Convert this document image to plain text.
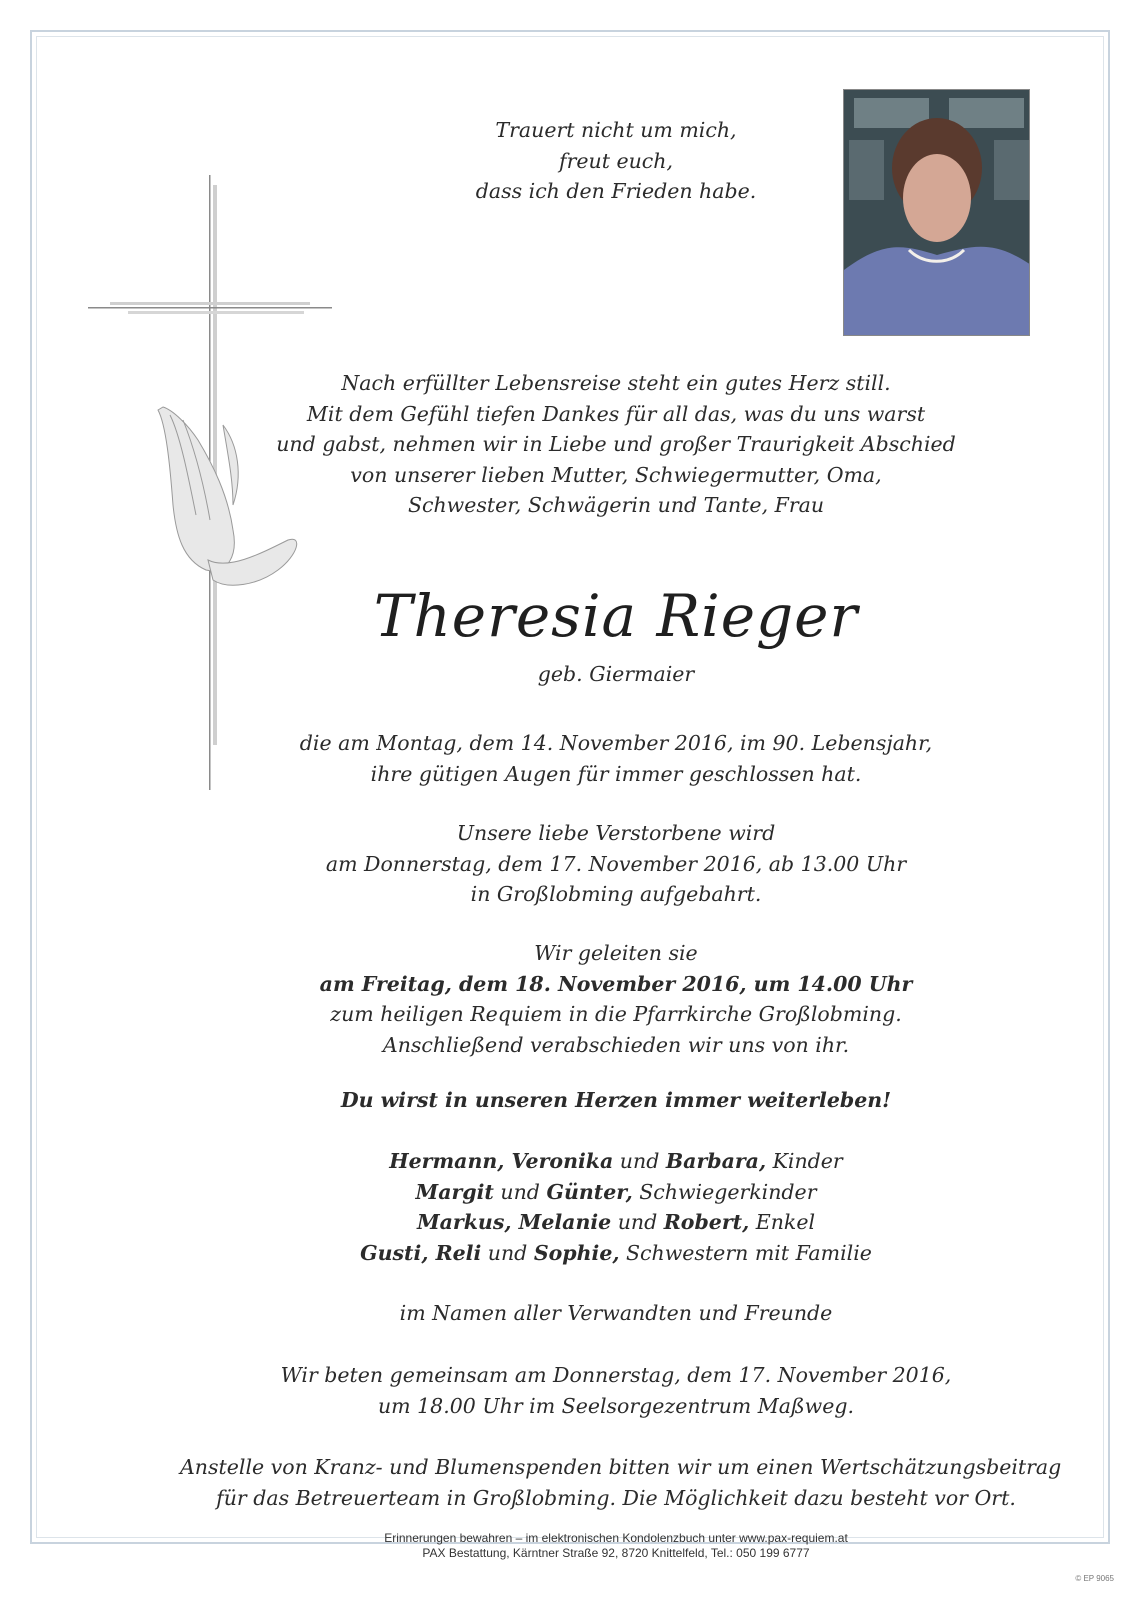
Trauert nicht um mich,
freut euch,
dass ich den Frieden habe.
Nach erfüllter Lebensreise steht ein gutes Herz still.
Mit dem Gefühl tiefen Dankes für all das, was du uns warst
und gabst, nehmen wir in Liebe und großer Traurigkeit Abschied
von unserer lieben Mutter, Schwiegermutter, Oma,
Schwester, Schwägerin und Tante, Frau
Theresia Rieger
geb. Giermaier
die am Montag, dem 14. November 2016, im 90. Lebensjahr,
ihre gütigen Augen für immer geschlossen hat.
Unsere liebe Verstorbene wird
am Donnerstag, dem 17. November 2016, ab 13.00 Uhr
in Großlobming aufgebahrt.
Wir geleiten sie
am Freitag, dem 18. November 2016, um 14.00 Uhr
zum heiligen Requiem in die Pfarrkirche Großlobming.
Anschließend verabschieden wir uns von ihr.
Du wirst in unseren Herzen immer weiterleben!
Hermann, Veronika und Barbara, Kinder
Margit und Günter, Schwiegerkinder
Markus, Melanie und Robert, Enkel
Gusti, Reli und Sophie, Schwestern mit Familie
im Namen aller Verwandten und Freunde
Wir beten gemeinsam am Donnerstag, dem 17. November 2016,
um 18.00 Uhr im Seelsorgezentrum Maßweg.
Anstelle von Kranz- und Blumenspenden bitten wir um einen Wertschätzungsbeitrag
für das Betreuerteam in Großlobming. Die Möglichkeit dazu besteht vor Ort.
Erinnerungen bewahren – im elektronischen Kondolenzbuch unter www.pax-requiem.at
PAX Bestattung, Kärntner Straße 92, 8720 Knittelfeld, Tel.: 050 199 6777
© EP 9065
